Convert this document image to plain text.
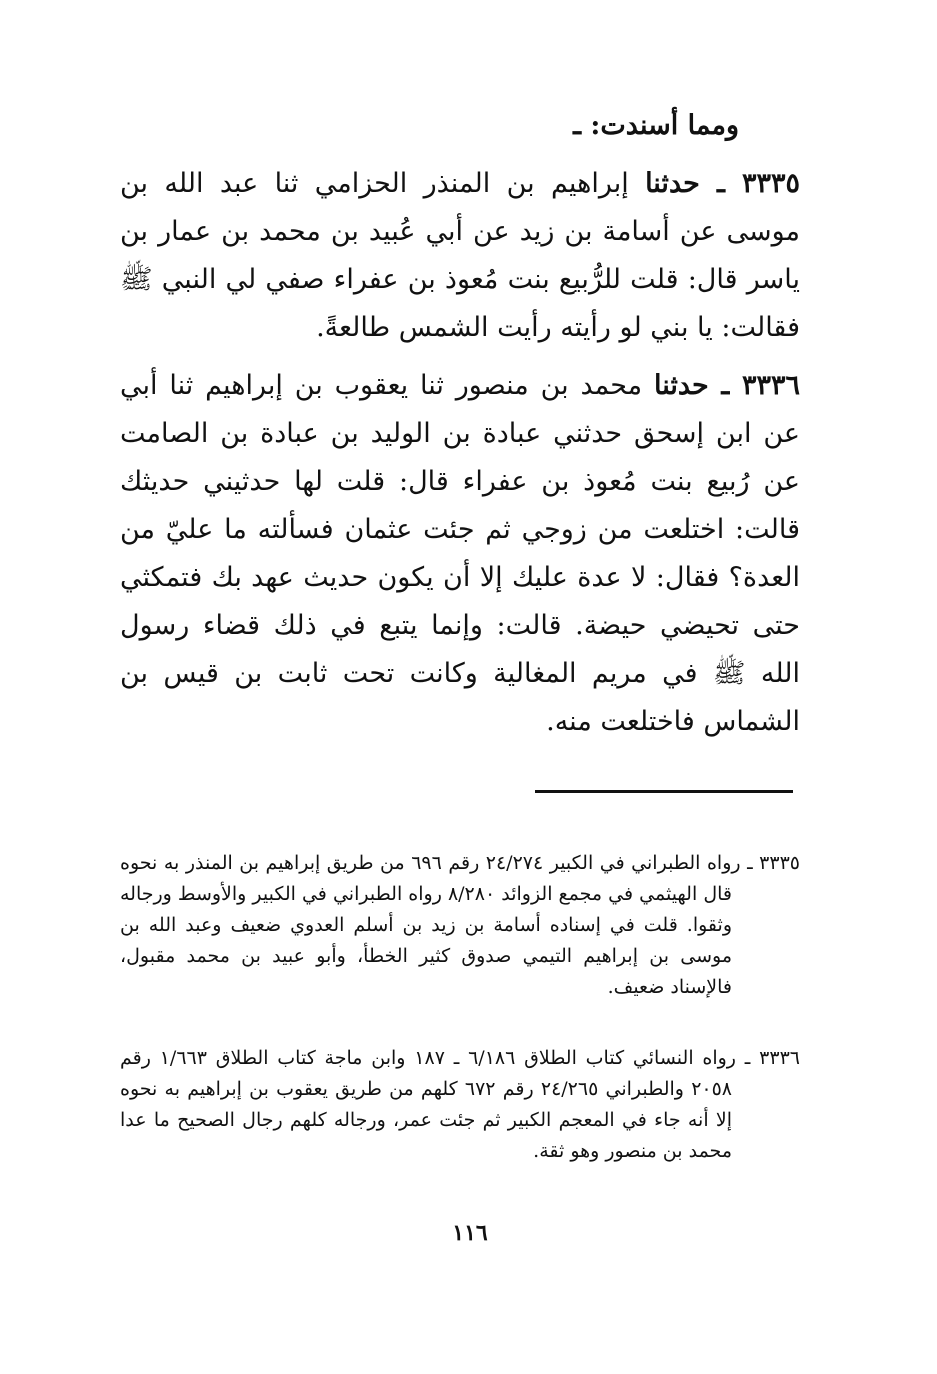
ومما أسندت: ـ

٣٣٣٥ ـ حدثنا إبراهيم بن المنذر الحزامي ثنا عبد الله بن موسى عن أسامة بن زيد عن أبي عُبيد بن محمد بن عمار بن ياسر قال: قلت للرُّبيع بنت مُعوذ بن عفراء صفي لي النبي ﷺ فقالت: يا بني لو رأيته رأيت الشمس طالعةً.

٣٣٣٦ ـ حدثنا محمد بن منصور ثنا يعقوب بن إبراهيم ثنا أبي عن ابن إسحق حدثني عبادة بن الوليد بن عبادة بن الصامت عن رُبيع بنت مُعوذ بن عفراء قال: قلت لها حدثيني حديثك قالت: اختلعت من زوجي ثم جئت عثمان فسألته ما عليّ من العدة؟ فقال: لا عدة عليك إلا أن يكون حديث عهد بك فتمكثي حتى تحيضي حيضة. قالت: وإنما يتبع في ذلك قضاء رسول الله ﷺ في مريم المغالية وكانت تحت ثابت بن قيس بن الشماس فاختلعت منه.

٣٣٣٥ ـ رواه الطبراني في الكبير ٢٤/٢٧٤ رقم ٦٩٦ من طريق إبراهيم بن المنذر به نحوه قال الهيثمي في مجمع الزوائد ٨/٢٨٠ رواه الطبراني في الكبير والأوسط ورجاله وثقوا. قلت في إسناده أسامة بن زيد بن أسلم العدوي ضعيف وعبد الله بن موسى بن إبراهيم التيمي صدوق كثير الخطأ، وأبو عبيد بن محمد مقبول، فالإسناد ضعيف.

٣٣٣٦ ـ رواه النسائي كتاب الطلاق ٦/١٨٦ ـ ١٨٧ وابن ماجة كتاب الطلاق ١/٦٦٣ رقم ٢٠٥٨ والطبراني ٢٤/٢٦٥ رقم ٦٧٢ كلهم من طريق يعقوب بن إبراهيم به نحوه إلا أنه جاء في المعجم الكبير ثم جئت عمر، ورجاله كلهم رجال الصحيح ما عدا محمد بن منصور وهو ثقة.

١١٦
